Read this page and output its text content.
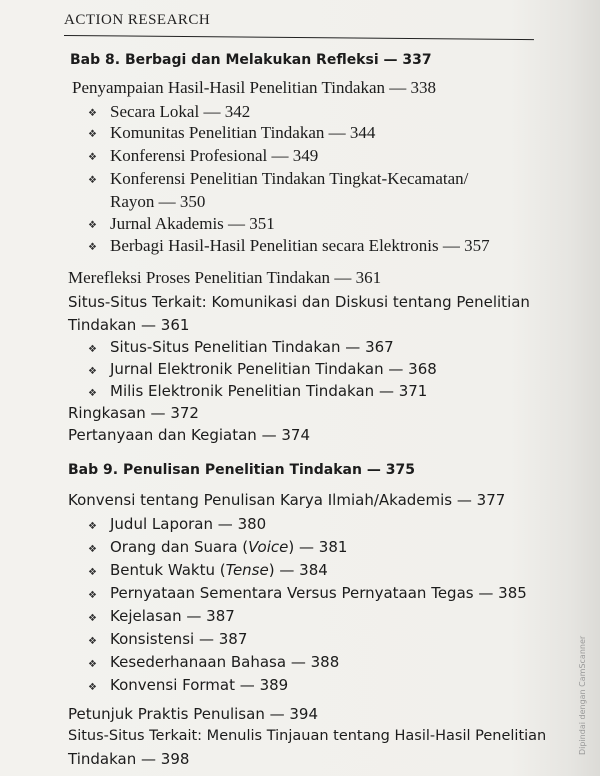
ACTION RESEARCH
Bab 8. Berbagi dan Melakukan Refleksi — 337
Penyampaian Hasil-Hasil Penelitian Tindakan — 338
❖ Secara Lokal — 342
❖ Komunitas Penelitian Tindakan — 344
❖ Konferensi Profesional — 349
❖ Konferensi Penelitian Tindakan Tingkat-Kecamatan/
Rayon — 350
❖ Jurnal Akademis — 351
❖ Berbagi Hasil-Hasil Penelitian secara Elektronis — 357
Merefleksi Proses Penelitian Tindakan — 361
Situs-Situs Terkait: Komunikasi dan Diskusi tentang Penelitian
Tindakan — 361
❖ Situs-Situs Penelitian Tindakan — 367
❖ Jurnal Elektronik Penelitian Tindakan — 368
❖ Milis Elektronik Penelitian Tindakan — 371
Ringkasan — 372
Pertanyaan dan Kegiatan — 374
Bab 9. Penulisan Penelitian Tindakan — 375
Konvensi tentang Penulisan Karya Ilmiah/Akademis — 377
❖ Judul Laporan — 380
❖ Orang dan Suara (Voice) — 381
❖ Bentuk Waktu (Tense) — 384
❖ Pernyataan Sementara Versus Pernyataan Tegas — 385
❖ Kejelasan — 387
❖ Konsistensi — 387
❖ Kesederhanaan Bahasa — 388
❖ Konvensi Format — 389
Petunjuk Praktis Penulisan — 394
Situs-Situs Terkait: Menulis Tinjauan tentang Hasil-Hasil Penelitian
Tindakan — 398
Dipindai dengan CamScanner
